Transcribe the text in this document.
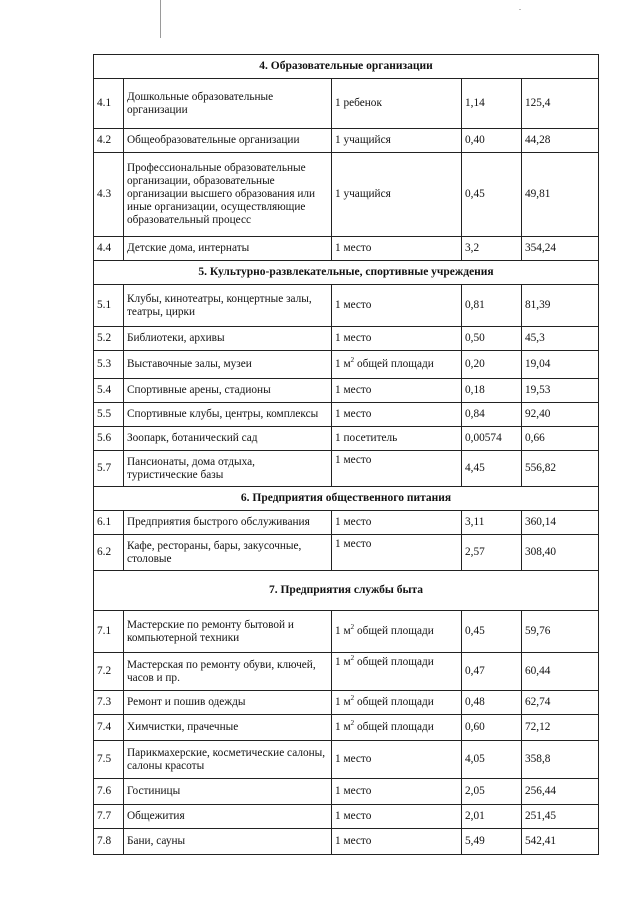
4. Образовательные организации				
4.1	Дошкольные образовательные организации	1 ребенок	1,14	125,4
4.2	Общеобразовательные организации	1 учащийся	0,40	44,28
4.3	Профессиональные образовательные организации, образовательные организации высшего образования или иные организации, осуществляющие образовательный процесс	1 учащийся	0,45	49,81
4.4	Детские дома, интернаты	1 место	3,2	354,24
5. Культурно-развлекательные, спортивные учреждения				
5.1	Клубы, кинотеатры, концертные залы, театры, цирки	1 место	0,81	81,39
5.2	Библиотеки, архивы	1 место	0,50	45,3
5.3	Выставочные залы, музеи	1 $м^2$ общей площади	0,20	19,04
5.4	Спортивные арены, стадионы	1 место	0,18	19,53
5.5	Спортивные клубы, центры, комплексы	1 место	0,84	92,40
5.6	Зоопарк, ботанический сад	1 посетитель	0,00574	0,66
5.7	Пансионаты, дома отдыха, туристические базы	1 место	4,45	556,82
6. Предприятия общественного питания				
6.1	Предприятия быстрого обслуживания	1 место	3,11	360,14
6.2	Кафе, рестораны, бары, закусочные, столовые	1 место	2,57	308,40
7. Предприятия службы быта				
7.1	Мастерские по ремонту бытовой и компьютерной техники	1 $м^2$ общей площади	0,45	59,76
7.2	Мастерская по ремонту обуви, ключей, часов и пр.	1 $м^2$ общей площади	0,47	60,44
7.3	Ремонт и пошив одежды	1 $м^2$ общей площади	0,48	62,74
7.4	Химчистки, прачечные	1 $м^2$ общей площади	0,60	72,12
7.5	Парикмахерские, косметические салоны, салоны красоты	1 место	4,05	358,8
7.6	Гостиницы	1 место	2,05	256,44
7.7	Общежития	1 место	2,01	251,45
7.8	Бани, сауны	1 место	5,49	542,41
